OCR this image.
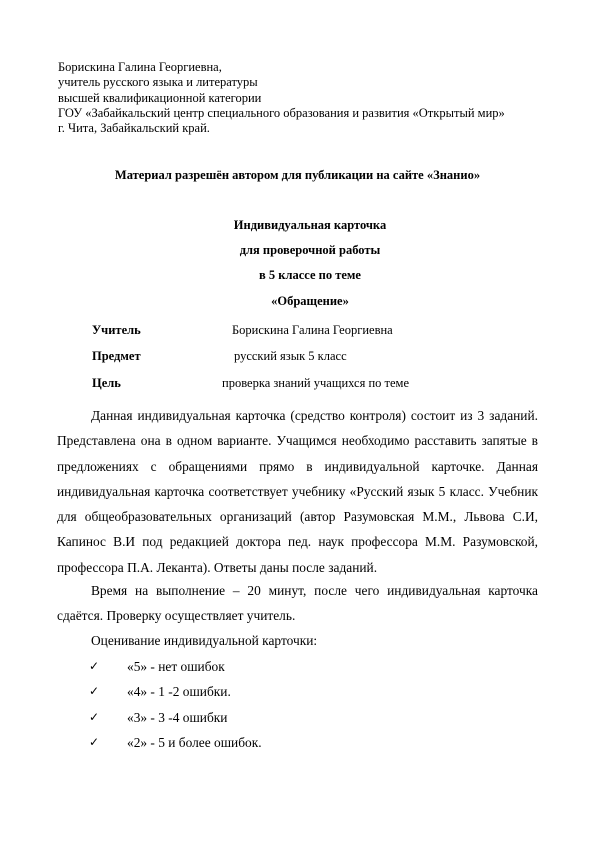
Борискина Галина Георгиевна,
учитель русского языка и литературы
высшей квалификационной категории
ГОУ «Забайкальский центр специального образования и развития «Открытый мир»
г. Чита, Забайкальский край.
Материал разрешён автором для публикации на сайте «Знанио»
Индивидуальная карточка
для проверочной работы
в 5 классе по теме
«Обращение»
Учитель	Борискина Галина Георгиевна
Предмет	русский язык 5 класс
Цель	проверка знаний учащихся по теме

Данная индивидуальная карточка (средство контроля) состоит из 3 заданий. Представлена она в одном варианте. Учащимся необходимо расставить запятые в предложениях с обращениями прямо в индивидуальной карточке. Данная индивидуальная карточка соответствует учебнику «Русский язык 5 класс. Учебник для общеобразовательных организаций (автор Разумовская М.М., Львова С.И, Капинос В.И под редакцией доктора пед. наук профессора М.М. Разумовской, профессора П.А. Леканта). Ответы даны после заданий.

Время на выполнение – 20 минут, после чего индивидуальная карточка сдаётся. Проверку осуществляет учитель.

Оценивание индивидуальной карточки:

✓ «5» - нет ошибок
✓ «4» - 1 -2 ошибки.
✓ «3» - 3 -4 ошибки
✓ «2» - 5 и более ошибок.
